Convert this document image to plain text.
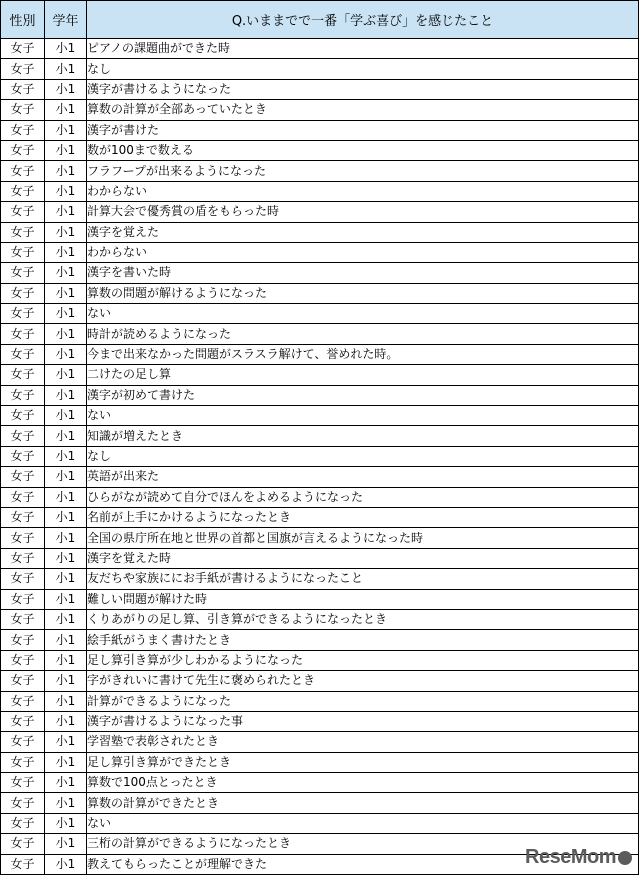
性別	学年	Q.いままでで一番「学ぶ喜び」を感じたこと
女子	小1	ピアノの課題曲ができた時
女子	小1	なし
女子	小1	漢字が書けるようになった
女子	小1	算数の計算が全部あっていたとき
女子	小1	漢字が書けた
女子	小1	数が100まで数える
女子	小1	フラフープが出来るようになった
女子	小1	わからない
女子	小1	計算大会で優秀賞の盾をもらった時
女子	小1	漢字を覚えた
女子	小1	わからない
女子	小1	漢字を書いた時
女子	小1	算数の問題が解けるようになった
女子	小1	ない
女子	小1	時計が読めるようになった
女子	小1	今まで出来なかった問題がスラスラ解けて、誉めれた時。
女子	小1	二けたの足し算
女子	小1	漢字が初めて書けた
女子	小1	ない
女子	小1	知識が増えたとき
女子	小1	なし
女子	小1	英語が出来た
女子	小1	ひらがなが読めて自分でほんをよめるようになった
女子	小1	名前が上手にかけるようになったとき
女子	小1	全国の県庁所在地と世界の首都と国旗が言えるようになった時
女子	小1	漢字を覚えた時
女子	小1	友だちや家族ににお手紙が書けるようになったこと
女子	小1	難しい問題が解けた時
女子	小1	くりあがりの足し算、引き算ができるようになったとき
女子	小1	絵手紙がうまく書けたとき
女子	小1	足し算引き算が少しわかるようになった
女子	小1	字がきれいに書けて先生に褒められたとき
女子	小1	計算ができるようになった
女子	小1	漢字が書けるようになった事
女子	小1	学習塾で表彰されたとき
女子	小1	足し算引き算ができたとき
女子	小1	算数で100点とったとき
女子	小1	算数の計算ができたとき
女子	小1	ない
女子	小1	三桁の計算ができるようになったとき
女子	小1	教えてもらったことが理解できた	ReseMom
